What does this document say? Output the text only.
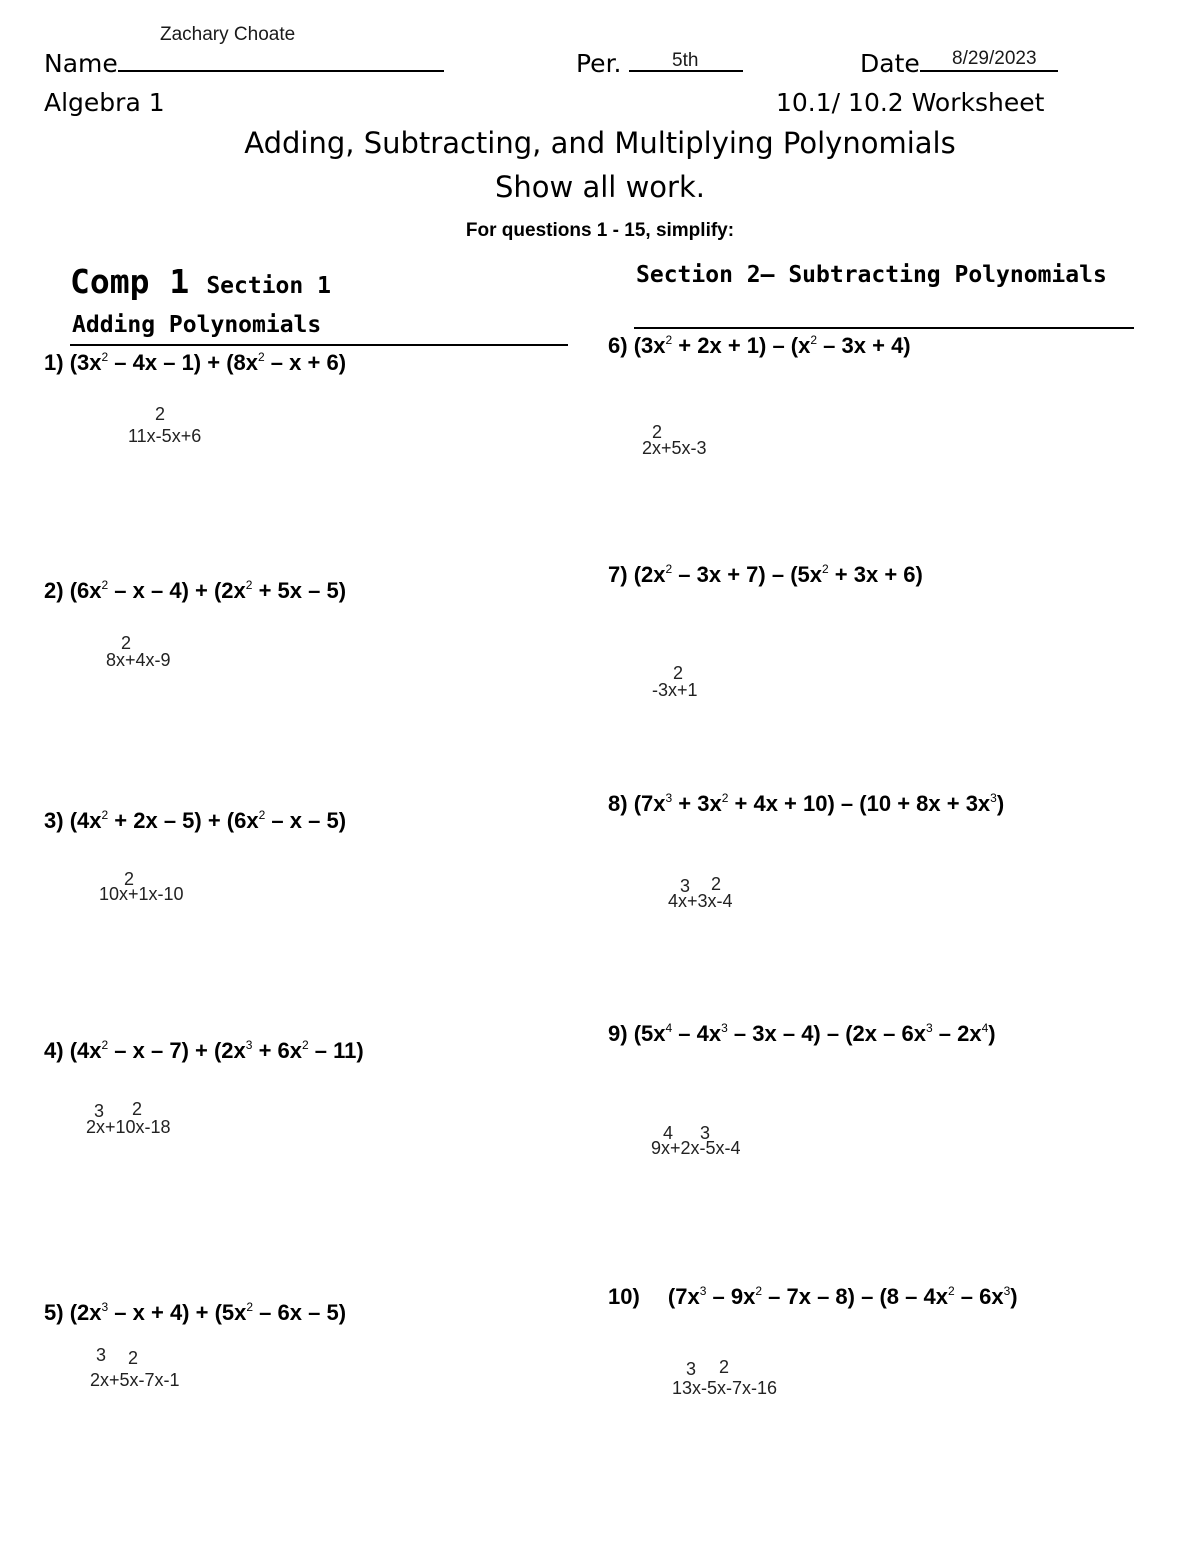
Zachary Choate
Name	Per.	5th	Date	8/29/2023
Algebra 1	10.1/ 10.2 Worksheet
Adding, Subtracting, and Multiplying Polynomials
Show all work.
For questions 1 - 15, simplify:
Comp 1 Section 1
Adding Polynomials
Section 2— Subtracting Polynomials
1) $(3x^2 - 4x - 1) + (8x^2 - x + 6)$
11x-5x+6
2
2) $(6x^2 - x - 4) + (2x^2 + 5x - 5)$
8x+4x-9
2
3) $(4x^2 + 2x - 5) + (6x^2 - x - 5)$
10x+1x-10
2
4) $(4x^2 - x - 7) + (2x^3 + 6x^2 - 11)$
2x+10x-18
3 2
5) $(2x^3 - x + 4) + (5x^2 - 6x - 5)$
2x+5x-7x-1
3 2
6) $(3x^2 + 2x + 1) - (x^2 - 3x + 4)$
2x+5x-3
2
7) $(2x^2 - 3x + 7) - (5x^2 + 3x + 6)$
-3x+1
2
8) $(7x^3 + 3x^2 + 4x + 10) - (10 + 8x + 3x^3)$
4x+3x-4
3 2
9) $(5x^4 - 4x^3 - 3x - 4) - (2x - 6x^3 - 2x^4)$
9x+2x-5x-4
4 3
10) $(7x^3 - 9x^2 - 7x - 8) - (8 - 4x^2 - 6x^3)$
13x-5x-7x-16
3 2
